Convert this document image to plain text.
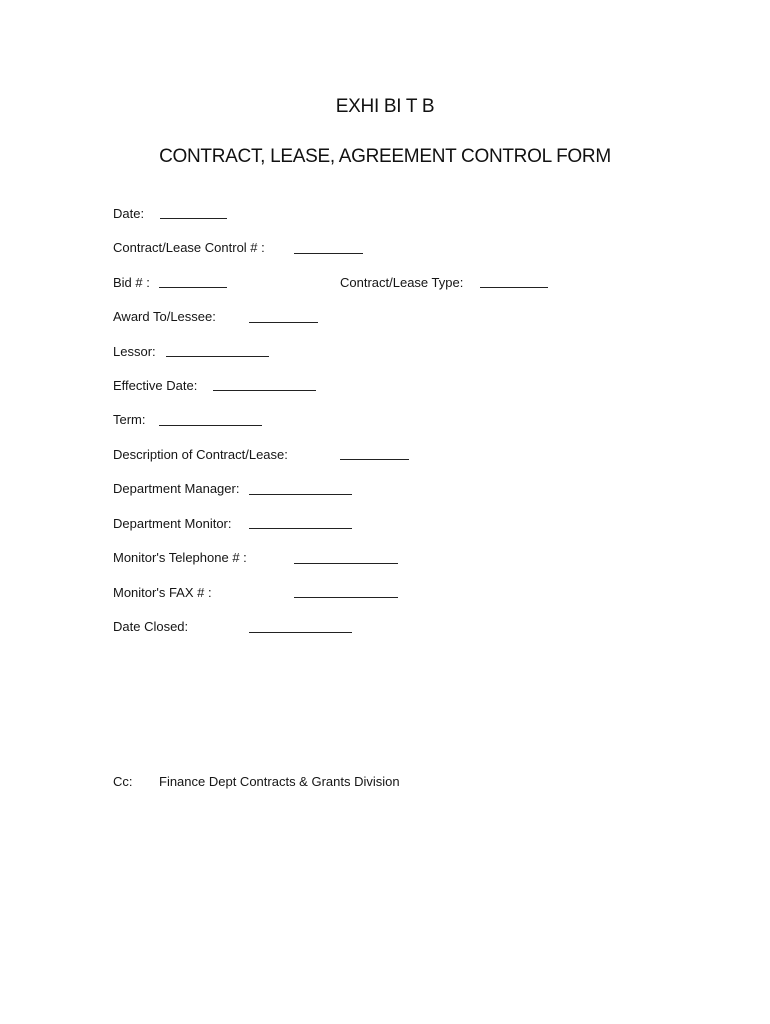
EXHI BI T B
CONTRACT, LEASE, AGREEMENT CONTROL FORM
Date:
Contract/Lease Control # :
Bid # :	Contract/Lease Type:
Award To/Lessee:
Lessor:
Effective Date:
Term:
Description of Contract/Lease:
Department Manager:
Department Monitor:
Monitor's Telephone # :
Monitor's FAX # :
Date Closed:
Cc: Finance Dept Contracts & Grants Division
